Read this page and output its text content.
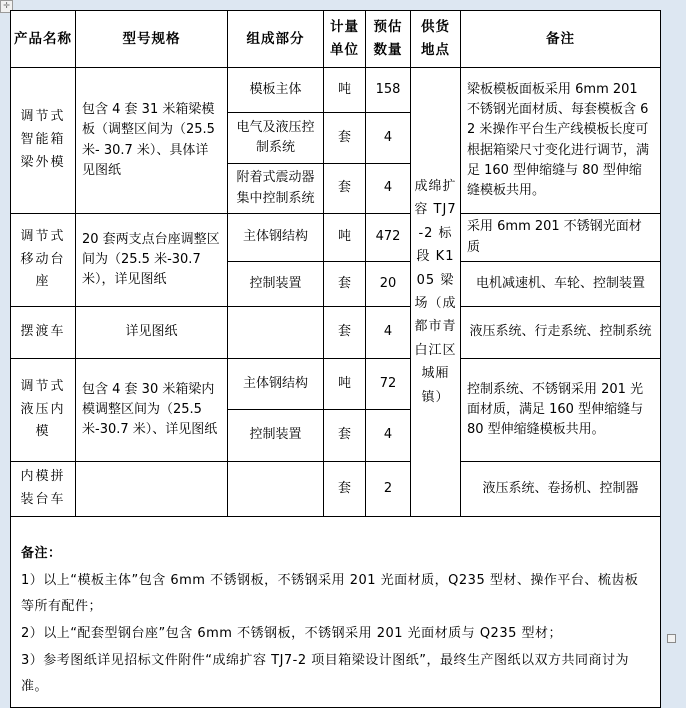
✛
产品名称	型号规格	组成部分	计量单位	预估数量	供货地点	备注
调节式智能箱梁外模	包含 4 套 31 米箱梁模板（调整区间为（25.5 米- 30.7 米）、具体详见图纸	模板主体	吨	158	成绵扩容 TJ7-2 标段 K105 梁场（成都市青白江区城厢镇）	梁板模板面板采用 6mm 201 不锈钢光面材质、每套模板含 62 米操作平台生产线模板长度可根据箱梁尺寸变化进行调节，满足 160 型伸缩缝与 80 型伸缩缝模板共用。
		电气及液压控制系统	套	4		
		附着式震动器集中控制系统	套	4		
调节式移动台座	20 套两支点台座调整区间为（25.5 米-30.7 米），详见图纸	主体钢结构	吨	472		采用 6mm 201 不锈钢光面材质
		控制装置	套	20		电机减速机、车轮、控制装置
摆渡车	详见图纸		套	4		液压系统、行走系统、控制系统
调节式液压内模	包含 4 套 30 米箱梁内模调整区间为（25.5 米-30.7 米）、详见图纸	主体钢结构	吨	72		控制系统、不锈钢采用 201 光面材质，满足 160 型伸缩缝与 80 型伸缩缝模板共用。
		控制装置	套	4		
内模拼装台车			套	2		液压系统、卷扬机、控制器

备注：
1）以上“模板主体”包含 6mm 不锈钢板，不锈钢采用 201 光面材质，Q235 型材、操作平台、梳齿板等所有配件；
2）以上“配套型钢台座”包含 6mm 不锈钢板，不锈钢采用 201 光面材质与 Q235 型材；
3）参考图纸详见招标文件附件“成绵扩容 TJ7-2 项目箱梁设计图纸”，最终生产图纸以双方共同商讨为准。						
